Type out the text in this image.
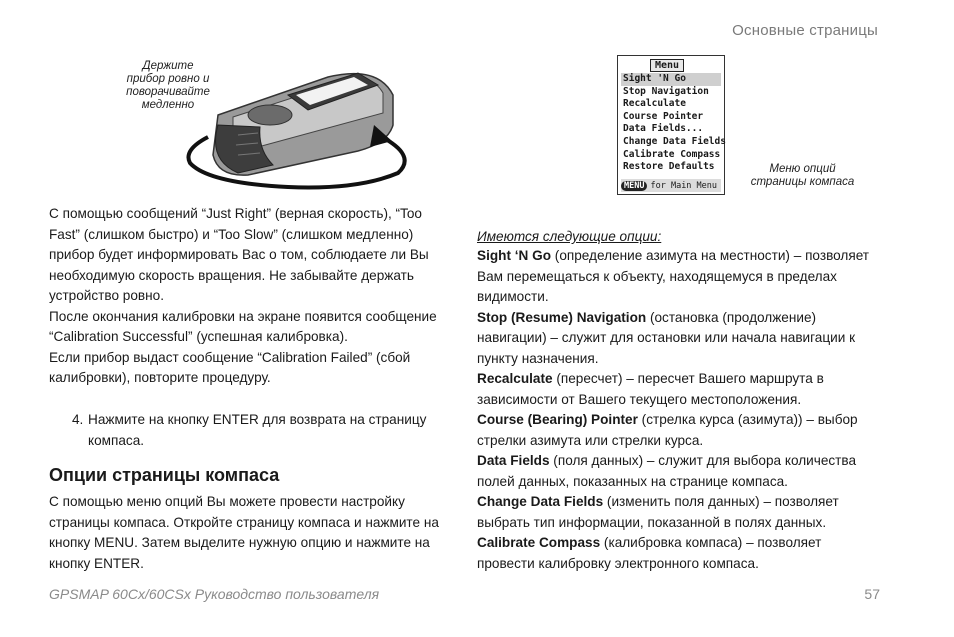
Основные страницы
Держите
прибор ровно и
поворачивайте
медленно
Menu
Sight 'N Go
Stop Navigation
Recalculate
Course Pointer
Data Fields...
Change Data Fields
Calibrate Compass
Restore Defaults
MENU for Main Menu
Меню опций
страницы компаса
С помощью сообщений “Just Right” (верная скорость), “Too Fast” (слишком быстро) и “Too Slow” (слишком медленно) прибор будет информировать Вас о том, соблюдаете ли Вы необходимую скорость вращения. Не забывайте держать устройство ровно.
После окончания калибровки на экране появится сообщение “Calibration Successful” (успешная калибровка).
Если прибор выдаст сообщение “Calibration Failed” (сбой калибровки), повторите процедуру.
4. Нажмите на кнопку ENTER для возврата на страницу
компаса.
Опции страницы компаса
С помощью меню опций Вы можете провести настройку страницы компаса. Откройте страницу компаса и нажмите на кнопку MENU. Затем выделите нужную опцию и нажмите на кнопку ENTER.
Имеются следующие опции:
Sight ‘N Go (определение азимута на местности) – позволяет Вам перемещаться к объекту, находящемуся в пределах видимости.
Stop (Resume) Navigation (остановка (продолжение) навигации) – служит для остановки или начала навигации к пункту назначения.
Recalculate (пересчет) – пересчет Вашего маршрута в зависимости от Вашего текущего местоположения.
Course (Bearing) Pointer (стрелка курса (азимута)) – выбор стрелки азимута или стрелки курса.
Data Fields (поля данных) – служит для выбора количества полей данных, показанных на странице компаса.
Change Data Fields (изменить поля данных) – позволяет выбрать тип информации, показанной в полях данных.
Calibrate Compass (калибровка компаса) – позволяет провести калибровку электронного компаса.
GPSMAP 60Cx/60CSx Руководство пользователя	57
